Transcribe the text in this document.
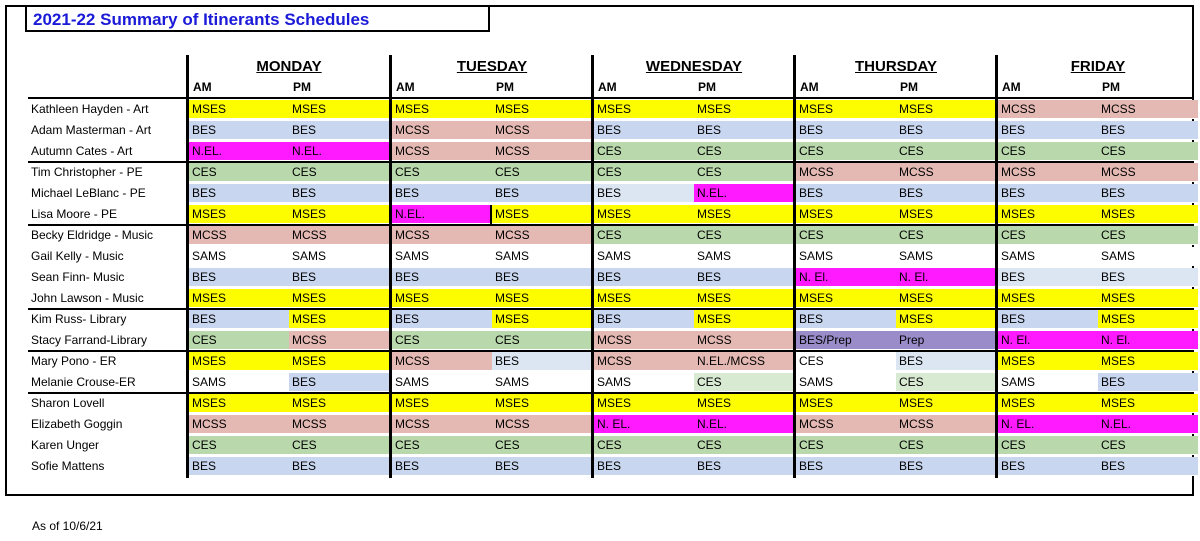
2021-22 Summary of Itinerants Schedules
MONDAY
AM	PM
TUESDAY
AM	PM
WEDNESDAY
AM	PM
THURSDAY
AM	PM
FRIDAY
AM	PM
Kathleen Hayden - Art	MSES	MSES	MSES	MSES	MSES	MSES	MSES	MSES	MCSS	MCSS
Adam Masterman - Art	BES	BES	MCSS	MCSS	BES	BES	BES	BES	BES	BES
Autumn Cates - Art	N.EL.	N.EL.	MCSS	MCSS	CES	CES	CES	CES	CES	CES
Tim Christopher - PE	CES	CES	CES	CES	CES	CES	MCSS	MCSS	MCSS	MCSS
Michael LeBlanc - PE	BES	BES	BES	BES	BES	N.EL.	BES	BES	BES	BES
Lisa Moore - PE	MSES	MSES	N.EL.	MSES	MSES	MSES	MSES	MSES	MSES	MSES
Becky Eldridge - Music	MCSS	MCSS	MCSS	MCSS	CES	CES	CES	CES	CES	CES
Gail Kelly - Music	SAMS	SAMS	SAMS	SAMS	SAMS	SAMS	SAMS	SAMS	SAMS	SAMS
Sean Finn- Music	BES	BES	BES	BES	BES	BES	N. El.	N. El.	BES	BES
John Lawson - Music	MSES	MSES	MSES	MSES	MSES	MSES	MSES	MSES	MSES	MSES
Kim Russ- Library	BES	MSES	BES	MSES	BES	MSES	BES	MSES	BES	MSES
Stacy Farrand-Library	CES	MCSS	CES	CES	MCSS	MCSS	BES/Prep	Prep	N. El.	N. El.
Mary Pono - ER	MSES	MSES	MCSS	BES	MCSS	N.EL./MCSS	CES	BES	MSES	MSES
Melanie Crouse-ER	SAMS	BES	SAMS	SAMS	SAMS	CES	SAMS	CES	SAMS	BES
Sharon Lovell	MSES	MSES	MSES	MSES	MSES	MSES	MSES	MSES	MSES	MSES
Elizabeth Goggin	MCSS	MCSS	MCSS	MCSS	N. EL.	N.EL.	MCSS	MCSS	N. EL.	N.EL.
Karen Unger	CES	CES	CES	CES	CES	CES	CES	CES	CES	CES
Sofie Mattens	BES	BES	BES	BES	BES	BES	BES	BES	BES	BES
As of 10/6/21
